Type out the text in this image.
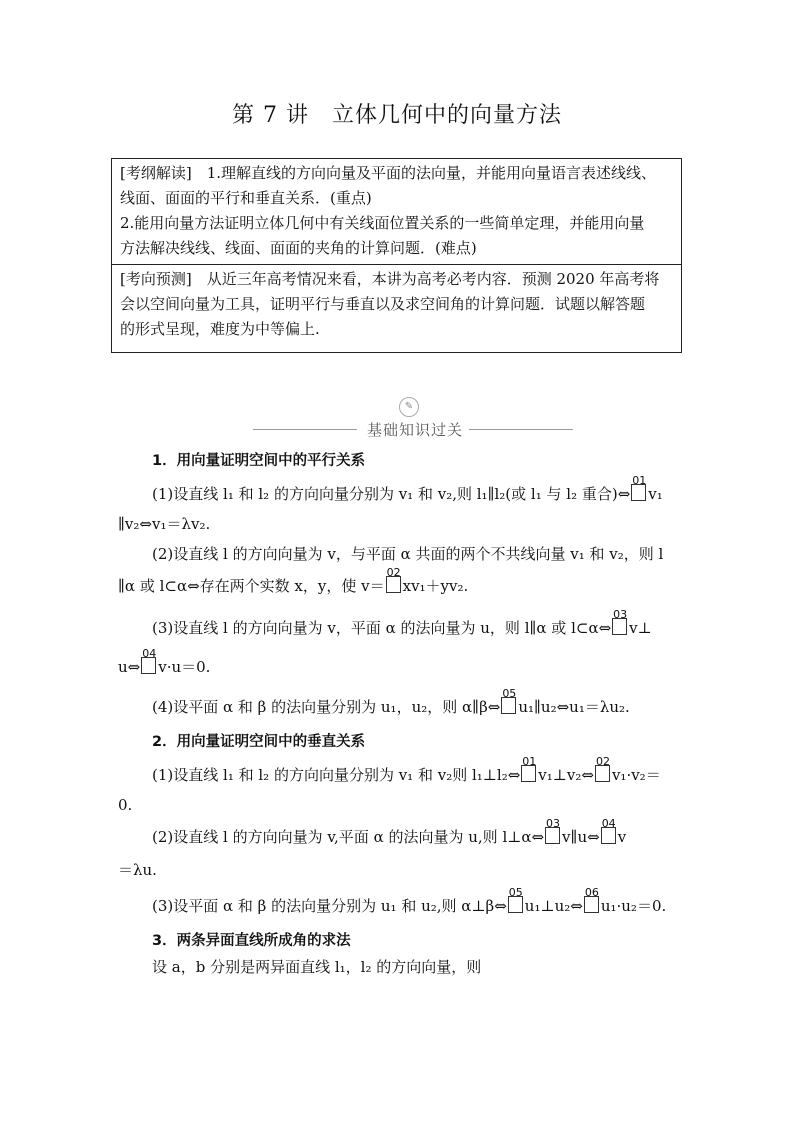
第 7 讲　立体几何中的向量方法
[考纲解读]　1.理解直线的方向向量及平面的法向量，并能用向量语言表述线线、
线面、面面的平行和垂直关系．(重点)
2.能用向量方法证明立体几何中有关线面位置关系的一些简单定理，并能用向量
方法解决线线、线面、面面的夹角的计算问题．(难点)
[考向预测]　从近三年高考情况来看，本讲为高考必考内容．预测 2020 年高考将
会以空间向量为工具，证明平行与垂直以及求空间角的计算问题．试题以解答题
的形式呈现，难度为中等偏上.
✎
基础知识过关
1．用向量证明空间中的平行关系
(1)设直线 l₁ 和 l₂ 的方向向量分别为 v₁ 和 v₂,则 l₁∥l₂(或 l₁ 与 l₂ 重合)⇔
01
v₁
∥v₂⇔v₁＝λv₂.
(2)设直线 l 的方向向量为 v，与平面 α 共面的两个不共线向量 v₁ 和 v₂，则 l
∥α 或 l⊂α⇔存在两个实数 x，y，使 v＝
02
xv₁＋yv₂.
(3)设直线 l 的方向向量为 v，平面 α 的法向量为 u，则 l∥α 或 l⊂α⇔
03
v⊥
u⇔
04
v·u＝0.
(4)设平面 α 和 β 的法向量分别为 u₁，u₂，则 α∥β⇔
05
u₁∥u₂⇔u₁＝λu₂.
2．用向量证明空间中的垂直关系
(1)设直线 l₁ 和 l₂ 的方向向量分别为 v₁ 和 v₂则 l₁⊥l₂⇔
01
v₁⊥v₂⇔
02
v₁·v₂＝
0.
(2)设直线 l 的方向向量为 v,平面 α 的法向量为 u,则 l⊥α⇔
03
v∥u⇔
04
v
＝λu.
(3)设平面 α 和 β 的法向量分别为 u₁ 和 u₂,则 α⊥β⇔
05
u₁⊥u₂⇔
06
u₁·u₂＝0.
3．两条异面直线所成角的求法
设 a，b 分别是两异面直线 l₁，l₂ 的方向向量，则
